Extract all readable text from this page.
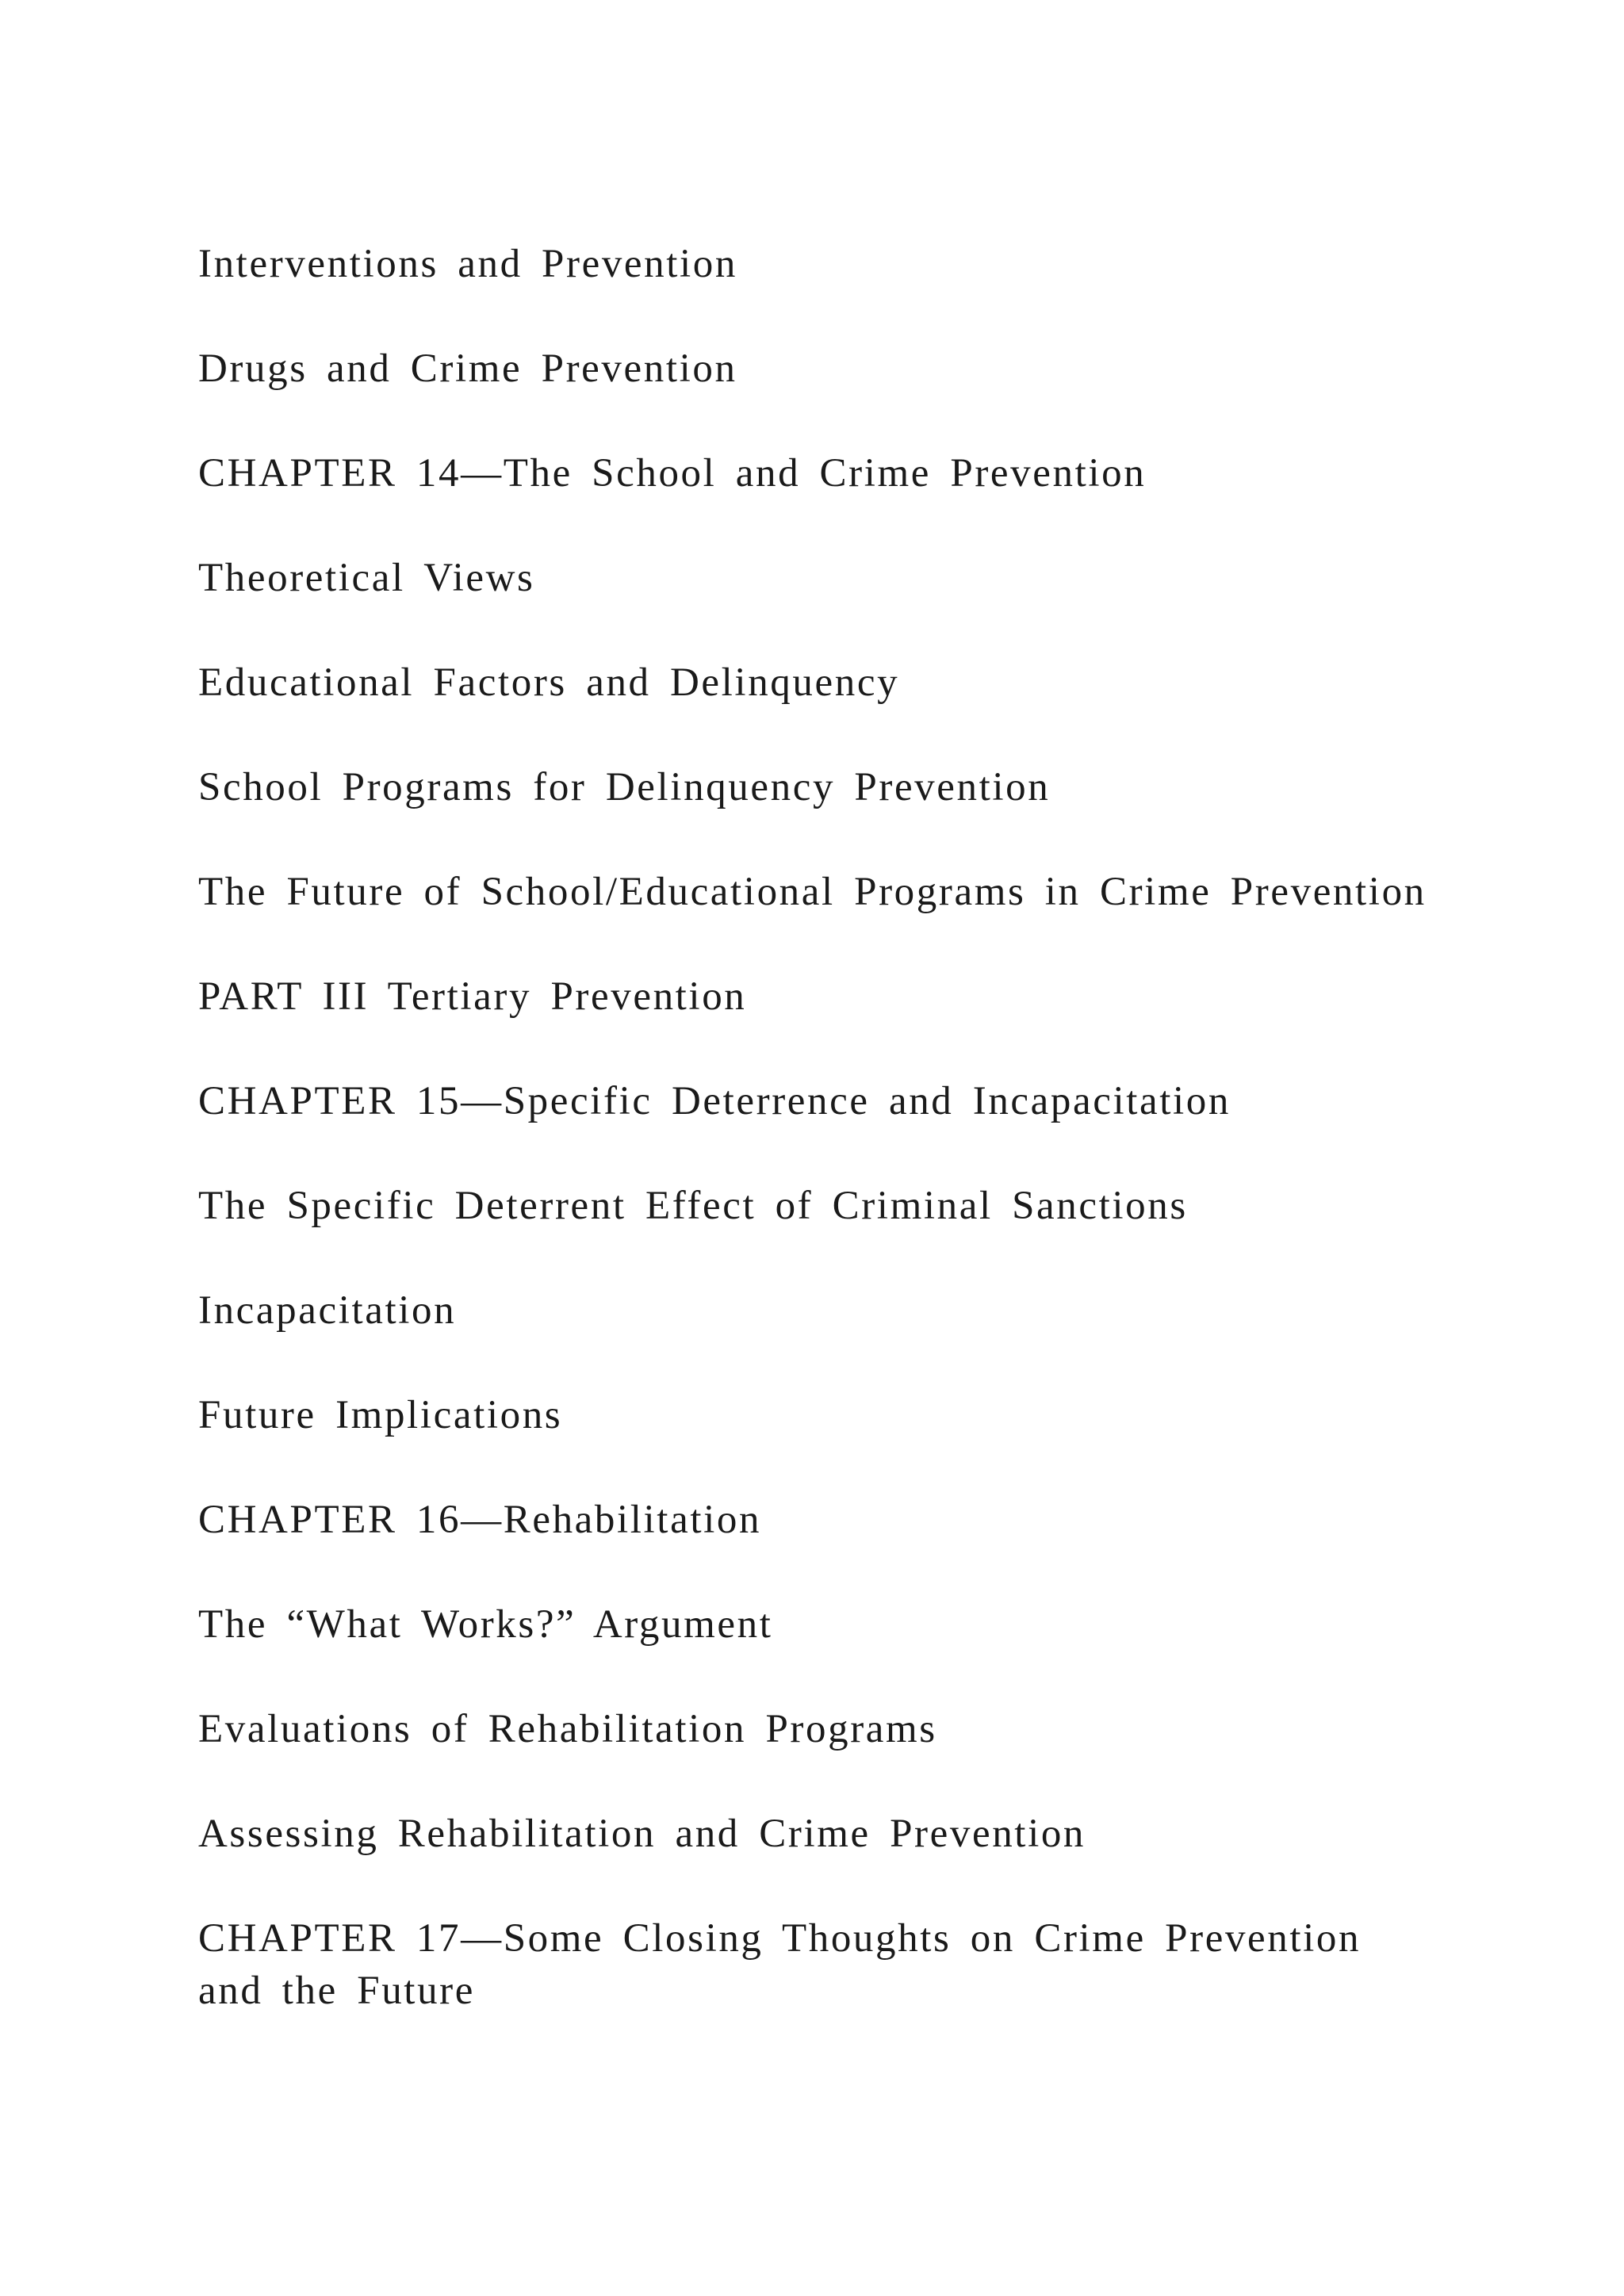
Interventions and Prevention
Drugs and Crime Prevention
CHAPTER 14—The School and Crime Prevention
Theoretical Views
Educational Factors and Delinquency
School Programs for Delinquency Prevention
The Future of School/Educational Programs in Crime Prevention
PART III Tertiary Prevention
CHAPTER 15—Specific Deterrence and Incapacitation
The Specific Deterrent Effect of Criminal Sanctions
Incapacitation
Future Implications
CHAPTER 16—Rehabilitation
The “What Works?” Argument
Evaluations of Rehabilitation Programs
Assessing Rehabilitation and Crime Prevention
CHAPTER 17—Some Closing Thoughts on Crime Prevention and the Future
